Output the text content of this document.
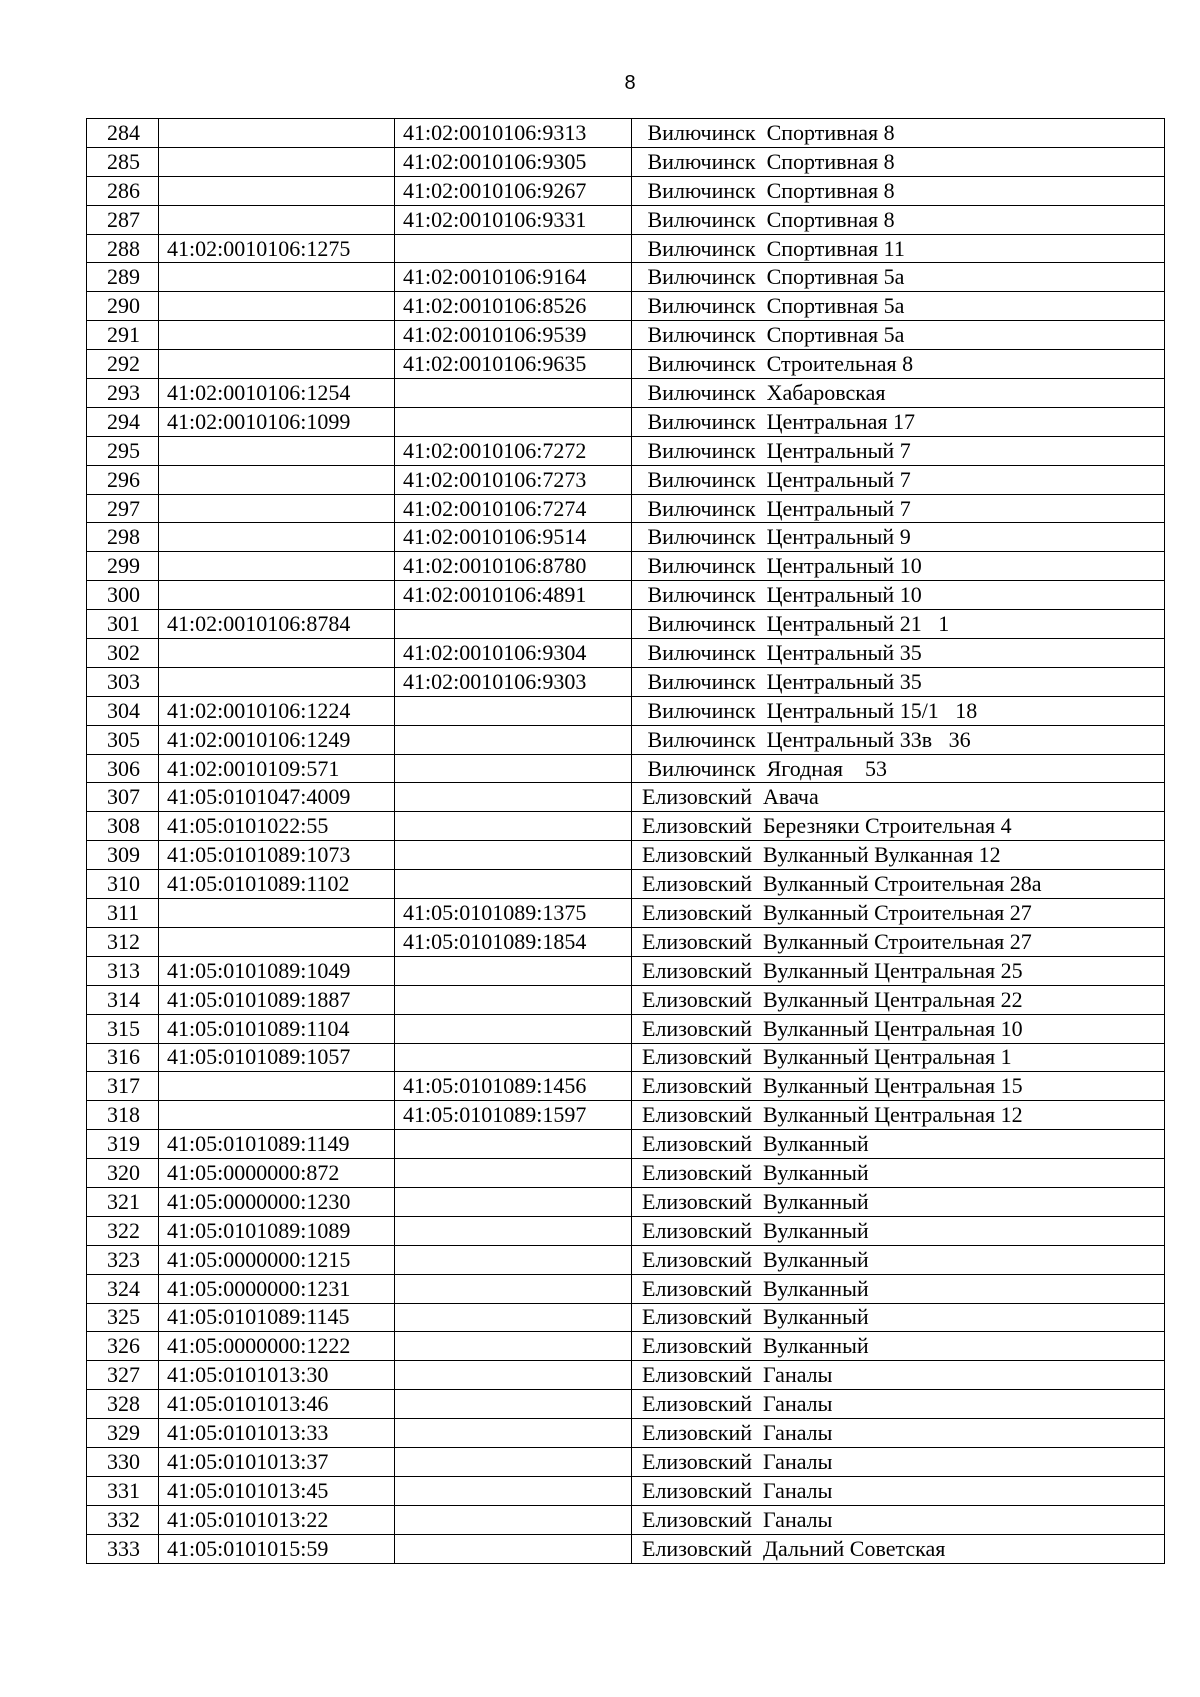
8
284		41:02:0010106:9313	Вилючинск  Спортивная 8
285		41:02:0010106:9305	Вилючинск  Спортивная 8
286		41:02:0010106:9267	Вилючинск  Спортивная 8
287		41:02:0010106:9331	Вилючинск  Спортивная 8
288	41:02:0010106:1275		Вилючинск  Спортивная 11
289		41:02:0010106:9164	Вилючинск  Спортивная 5а
290		41:02:0010106:8526	Вилючинск  Спортивная 5а
291		41:02:0010106:9539	Вилючинск  Спортивная 5а
292		41:02:0010106:9635	Вилючинск  Строительная 8
293	41:02:0010106:1254		Вилючинск  Хабаровская
294	41:02:0010106:1099		Вилючинск  Центральная 17
295		41:02:0010106:7272	Вилючинск  Центральный 7
296		41:02:0010106:7273	Вилючинск  Центральный 7
297		41:02:0010106:7274	Вилючинск  Центральный 7
298		41:02:0010106:9514	Вилючинск  Центральный 9
299		41:02:0010106:8780	Вилючинск  Центральный 10
300		41:02:0010106:4891	Вилючинск  Центральный 10
301	41:02:0010106:8784		Вилючинск  Центральный 21   1
302		41:02:0010106:9304	Вилючинск  Центральный 35
303		41:02:0010106:9303	Вилючинск  Центральный 35
304	41:02:0010106:1224		Вилючинск  Центральный 15/1   18
305	41:02:0010106:1249		Вилючинск  Центральный 33в   36
306	41:02:0010109:571		Вилючинск  Ягодная    53
307	41:05:0101047:4009		Елизовский  Авача
308	41:05:0101022:55		Елизовский  Березняки Строительная 4
309	41:05:0101089:1073		Елизовский  Вулканный Вулканная 12
310	41:05:0101089:1102		Елизовский  Вулканный Строительная 28а
311		41:05:0101089:1375	Елизовский  Вулканный Строительная 27
312		41:05:0101089:1854	Елизовский  Вулканный Строительная 27
313	41:05:0101089:1049		Елизовский  Вулканный Центральная 25
314	41:05:0101089:1887		Елизовский  Вулканный Центральная 22
315	41:05:0101089:1104		Елизовский  Вулканный Центральная 10
316	41:05:0101089:1057		Елизовский  Вулканный Центральная 1
317		41:05:0101089:1456	Елизовский  Вулканный Центральная 15
318		41:05:0101089:1597	Елизовский  Вулканный Центральная 12
319	41:05:0101089:1149		Елизовский  Вулканный
320	41:05:0000000:872		Елизовский  Вулканный
321	41:05:0000000:1230		Елизовский  Вулканный
322	41:05:0101089:1089		Елизовский  Вулканный
323	41:05:0000000:1215		Елизовский  Вулканный
324	41:05:0000000:1231		Елизовский  Вулканный
325	41:05:0101089:1145		Елизовский  Вулканный
326	41:05:0000000:1222		Елизовский  Вулканный
327	41:05:0101013:30		Елизовский  Ганалы
328	41:05:0101013:46		Елизовский  Ганалы
329	41:05:0101013:33		Елизовский  Ганалы
330	41:05:0101013:37		Елизовский  Ганалы
331	41:05:0101013:45		Елизовский  Ганалы
332	41:05:0101013:22		Елизовский  Ганалы
333	41:05:0101015:59		Елизовский  Дальний Советская
